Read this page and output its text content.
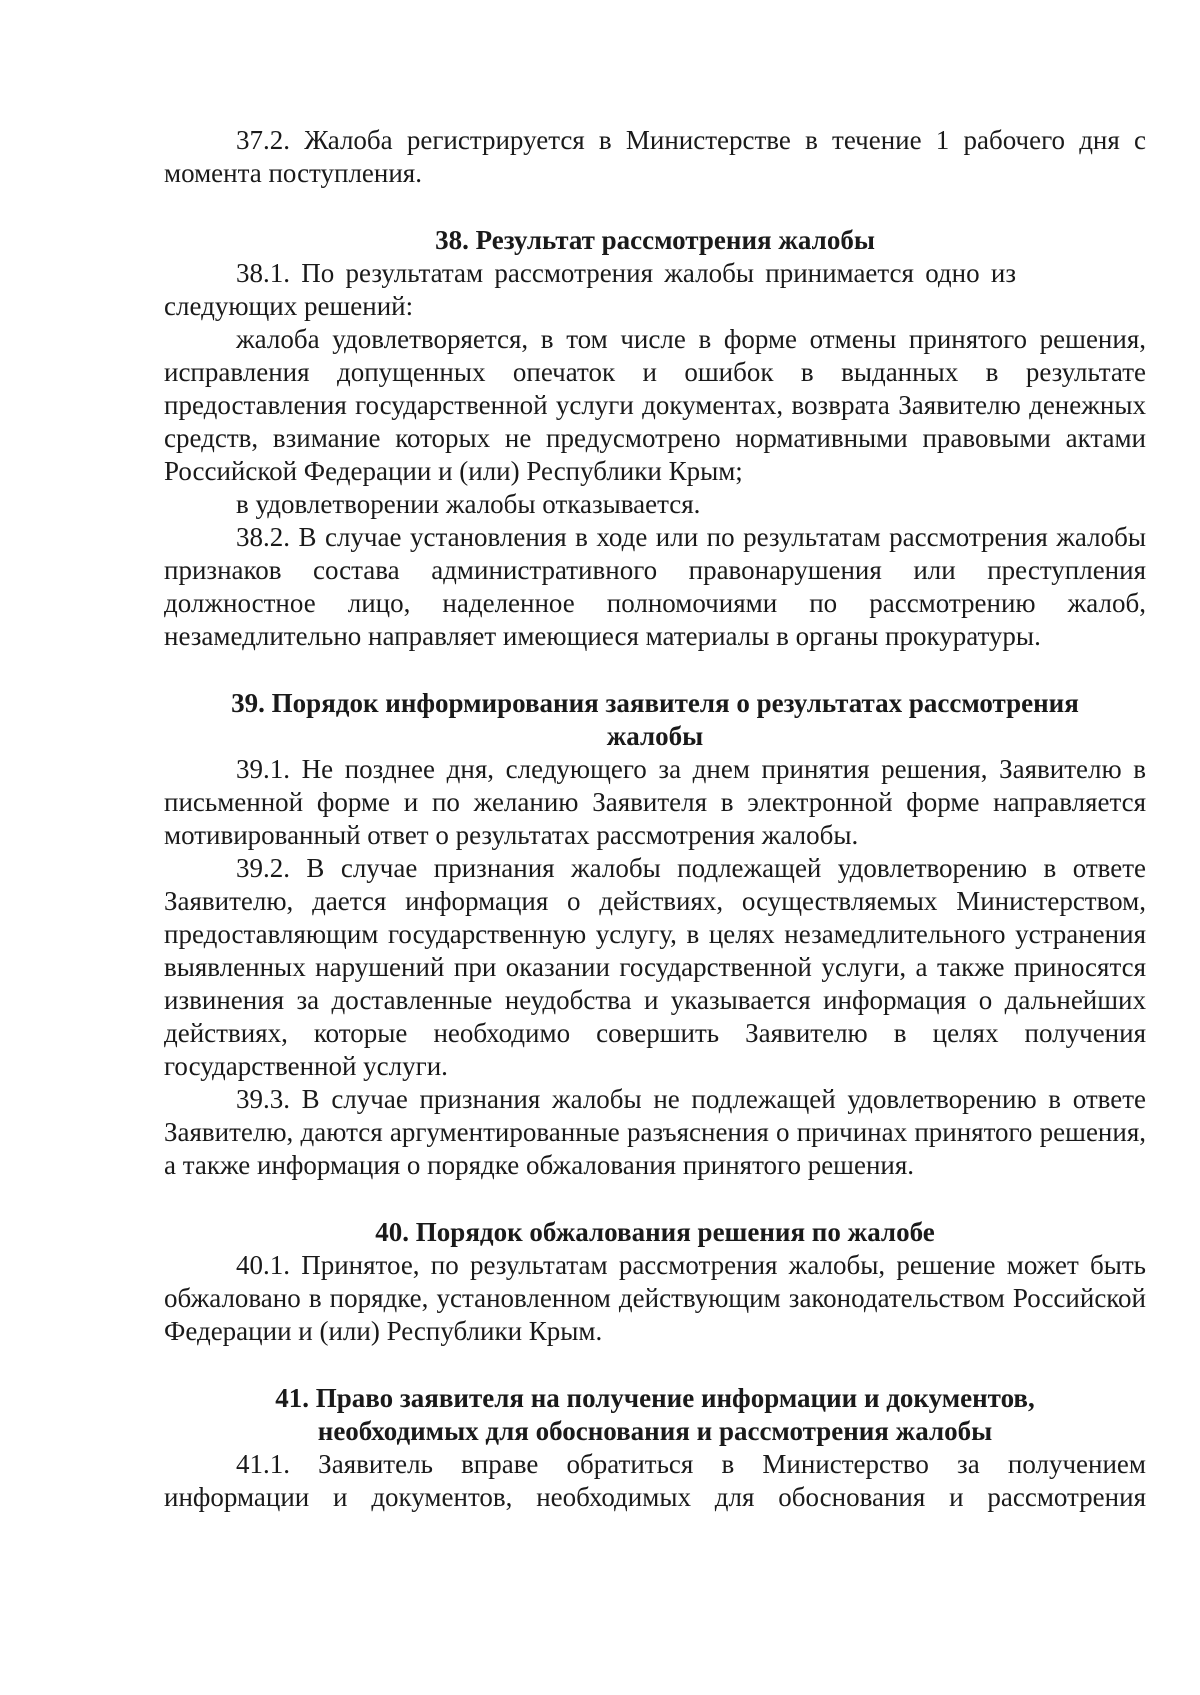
37.2. Жалоба регистрируется в Министерстве в течение 1 рабочего дня с момента поступления.

38. Результат рассмотрения жалобы

38.1. По результатам рассмотрения жалобы принимается одно из следующих решений:

жалоба удовлетворяется, в том числе в форме отмены принятого решения, исправления допущенных опечаток и ошибок в выданных в результате предоставления государственной услуги документах, возврата Заявителю денежных средств, взимание которых не предусмотрено нормативными правовыми актами Российской Федерации и (или) Республики Крым;

в удовлетворении жалобы отказывается.

38.2. В случае установления в ходе или по результатам рассмотрения жалобы признаков состава административного правонарушения или преступления должностное лицо, наделенное полномочиями по рассмотрению жалоб, незамедлительно направляет имеющиеся материалы в органы прокуратуры.

39. Порядок информирования заявителя о результатах рассмотрения жалобы

39.1. Не позднее дня, следующего за днем принятия решения, Заявителю в письменной форме и по желанию Заявителя в электронной форме направляется мотивированный ответ о результатах рассмотрения жалобы.

39.2. В случае признания жалобы подлежащей удовлетворению в ответе Заявителю, дается информация о действиях, осуществляемых Министерством, предоставляющим государственную услугу, в целях незамедлительного устранения выявленных нарушений при оказании государственной услуги, а также приносятся извинения за доставленные неудобства и указывается информация о дальнейших действиях, которые необходимо совершить Заявителю в целях получения государственной услуги.

39.3. В случае признания жалобы не подлежащей удовлетворению в ответе Заявителю, даются аргументированные разъяснения о причинах принятого решения, а также информация о порядке обжалования принятого решения.

40. Порядок обжалования решения по жалобе

40.1. Принятое, по результатам рассмотрения жалобы, решение может быть обжаловано в порядке, установленном действующим законодательством Российской Федерации и (или) Республики Крым.

41. Право заявителя на получение информации и документов, необходимых для обоснования и рассмотрения жалобы

41.1. Заявитель вправе обратиться в Министерство за получением информации и документов, необходимых для обоснования и рассмотрения
